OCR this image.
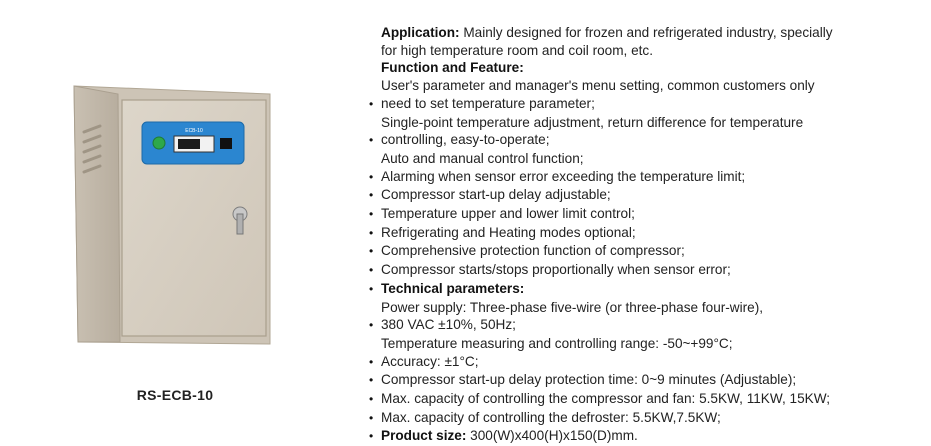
ECB-10
RS-ECB-10
Application: Mainly designed for frozen and refrigerated industry, specially
for high temperature room and coil room, etc.
Function and Feature:
User's parameter and manager's menu setting, common customers only
• need to set temperature parameter;
Single-point temperature adjustment, return difference for temperature
• controlling, easy-to-operate;
Auto and manual control function;
• Alarming when sensor error exceeding the temperature limit;
• Compressor start-up delay adjustable;
• Temperature upper and lower limit control;
• Refrigerating and Heating modes optional;
• Comprehensive protection function of compressor;
• Compressor starts/stops proportionally when sensor error;
• Technical parameters:
Power supply: Three-phase five-wire (or three-phase four-wire),
• 380 VAC ±10%, 50Hz;
Temperature measuring and controlling range: -50~+99°C;
• Accuracy: ±1°C;
• Compressor start-up delay protection time: 0~9 minutes (Adjustable);
• Max. capacity of controlling the compressor and fan: 5.5KW, 11KW, 15KW;
• Max. capacity of controlling the defroster: 5.5KW,7.5KW;
• Product size: 300(W)x400(H)x150(D)mm.
